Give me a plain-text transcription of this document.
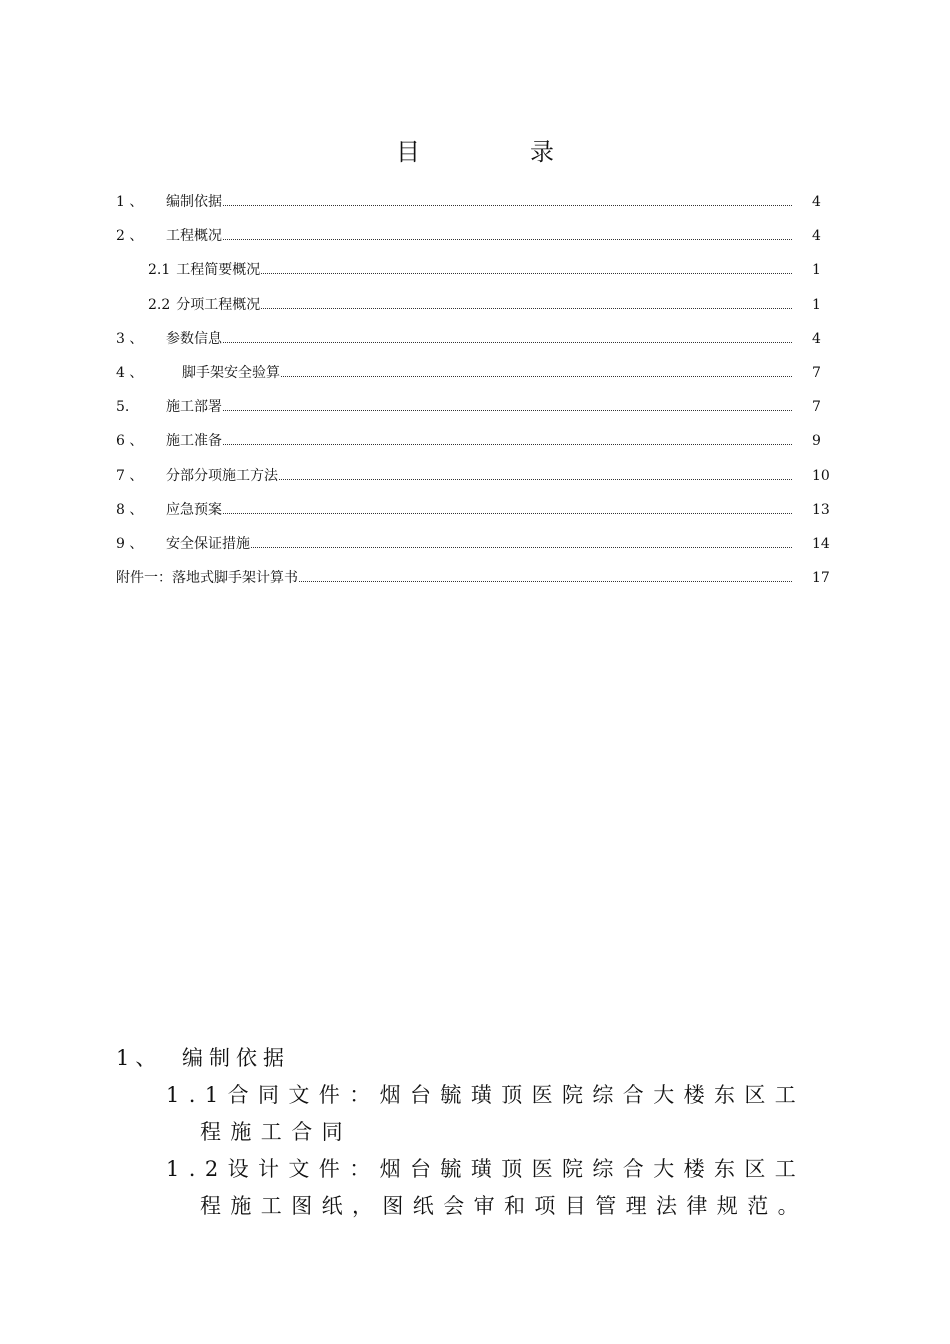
目	录
1 、	编制依据	4
2 、	工程概况	4
2.1 工程简要概况	1
2.2 分项工程概况	1
3 、	参数信息	4
4 、	脚手架安全验算	7
5.	施工部署	7
6 、	施工准备	9
7 、	分部分项施工方法	10
8 、	应急预案	13
9 、	安全保证措施	14
附件一：落地式脚手架计算书	17
1、 编制依据
1.1合同文件：烟台毓璜顶医院综合大楼东区工
程施工合同
1.2设计文件：烟台毓璜顶医院综合大楼东区工
程施工图纸，图纸会审和项目管理法律规范。
